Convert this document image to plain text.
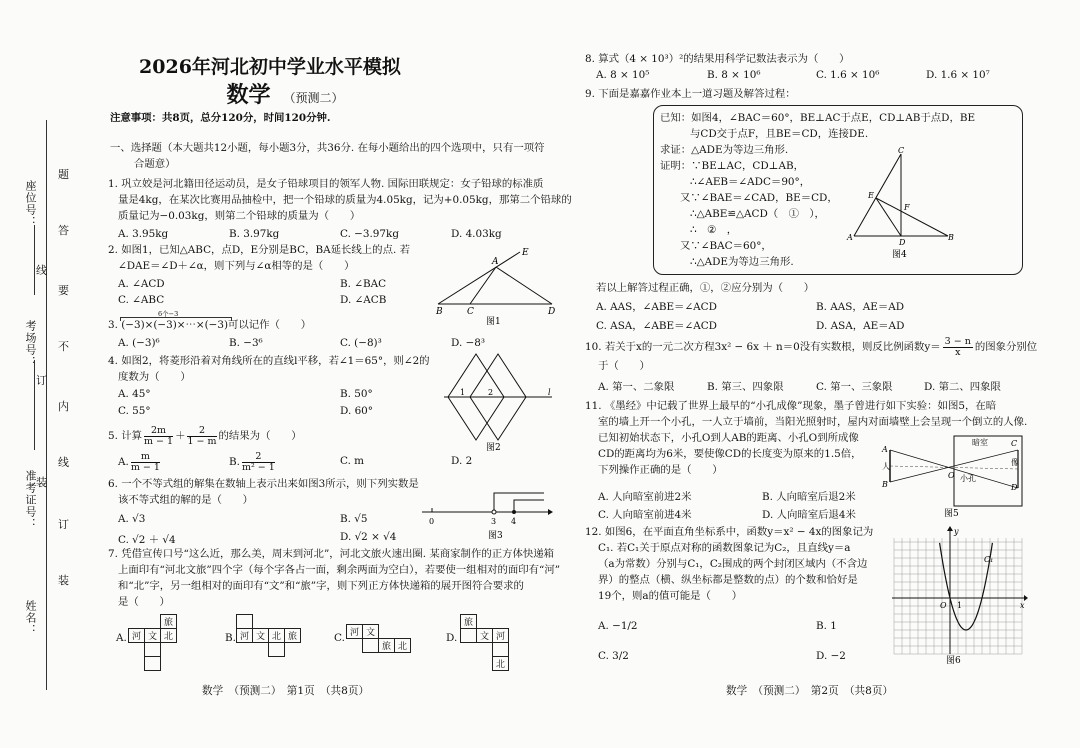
座位号：
考场号：
准考证号：
姓名：
题
答
线
要
不
订
内
线
装
订
装
2026年河北初中学业水平模拟
数学 （预测二）
注意事项：共8页，总分120分，时间120分钟.
一、选择题（本大题共12小题，每小题3分，共36分. 在每小题给出的四个选项中，只有一项符
合题意）
1. 巩立姣是河北籍田径运动员，是女子铅球项目的领军人物. 国际田联规定：女子铅球的标准质
量是4kg，在某次比赛用品抽检中，把一个铅球的质量为4.05kg，记为+0.05kg，那第二个铅球的
质量记为−0.03kg，则第二个铅球的质量为（　　）
A. 3.95kg	B. 3.97kg	C. −3.97kg	D. 4.03kg
2. 如图1，已知△ABC，点D，E分别是BC，BA延长线上的点. 若
∠DAE＝∠D＋∠α，则下列与∠α相等的是（　　）
A. ∠ACD	B. ∠BAC
C. ∠ABC	D. ∠ACB
A
E
B	C	D
图1
6个−3
3. (−3)×(−3)×⋯×(−3)可以记作（　　）
A. (−3)⁶	B. −3⁶	C. (−8)³	D. −8³
4. 如图2，将菱形沿着对角线所在的直线l平移，若∠1＝65°，则∠2的
度数为（　　）
A. 45°	B. 50°
C. 55°	D. 60°
1	2	l
图2
5. 计算 $\frac{2m}{m - 1} + \frac{2}{1 - m}$ 的结果为（　　）
A. $\frac{m}{m - 1}$	B. $\frac{2}{\text{m² − 1}}$	C. m	D. 2
6. 一个不等式组的解集在数轴上表示出来如图3所示，则下列实数是
该不等式组的解的是（　　）
A. √3	B. √5
C. √2 ＋ √4	D. √2 × √4
0	3 4
图3
7. 凭借宣传口号“这么近，那么美，周末到河北”，河北文旅火速出圈. 某商家制作的正方体快递箱
上面印有“河北文旅”四个字（每个字各占一面，剩余两面为空白），若要使一组相对的面印有“河”
和“北”字，另一组相对的面印有“文”和“旅”字，则下列正方体快递箱的展开图符合要求的
是（　　）
A.
		旅	
河	文	北	

				B.
			河	文	北	旅
				C. 河	文		
		旅	北
D.
旅		
	文	河

		北
数学　（预测二）　第1页　（共8页）
8. 算式（4 × 10³）²的结果用科学记数法表示为（　　）
A. 8 × 10⁵	B. 8 × 10⁶	C. 1.6 × 10⁶	D. 1.6 × 10⁷
9. 下面是嘉嘉作业本上一道习题及解答过程：
已知：如图4，∠BAC＝60°，BE⊥AC于点E，CD⊥AB于点D，BE
与CD交于点F，且BE＝CD，连接DE.
求证：△ADE为等边三角形.
证明：∵BE⊥AC，CD⊥AB，
∴∠AEB＝∠ADC＝90°，
又∵∠BAE＝∠CAD，BE＝CD，
∴△ABE≌△ACD（　①　），
∴　②　，
又∵∠BAC＝60°，
∴△ADE为等边三角形.
C
E
F
A
D
B
图4
若以上解答过程正确，①，②应分别为（　　）
A. AAS，∠ABE＝∠ACD	B. AAS，AE＝AD
C. ASA，∠ABE＝∠ACD	D. ASA，AE＝AD
10. 若关于x的一元二次方程3x² − 6x ＋ n＝0没有实数根，则反比例函数$y= \frac{3 - n}{x}$ 的图象分别位
于（　　）
A. 第一、二象限	B. 第三、四象限	C. 第一、三象限	D. 第二、四象限
11. 《墨经》中记载了世界上最早的“小孔成像”现象，墨子曾进行如下实验：如图5，在暗
室的墙上开一个小孔，一人立于墙前，当阳光照射时，屋内对面墙壁上会呈现一个倒立的人像.
已知初始状态下，小孔O到人AB的距离、小孔O到所成像
CD的距离均为6米，要使像CD的长度变为原来的1.5倍，
下列操作正确的是（　　）
A. 人向暗室前进2米	B. 人向暗室后退2米
C. 人向暗室前进4米	D. 人向暗室后退4米
暗室
人
A
B
O 小孔
C
像
D
图5
12. 如图6，在平面直角坐标系中，函数y＝x² − 4x的图象记为
C₁. 若C₁关于原点对称的函数图象记为C₂，且直线y＝a
（a为常数）分别与C₁，C₂围成的两个封闭区域内（不含边
界）的整点（横、纵坐标都是整数的点）的个数和恰好是
19个，则a的值可能是（　　）
A. −1/2	B. 1
C. 3/2	D. −2
y
x
O 1
C₁
图6
数学　（预测二）　第2页　（共8页）
